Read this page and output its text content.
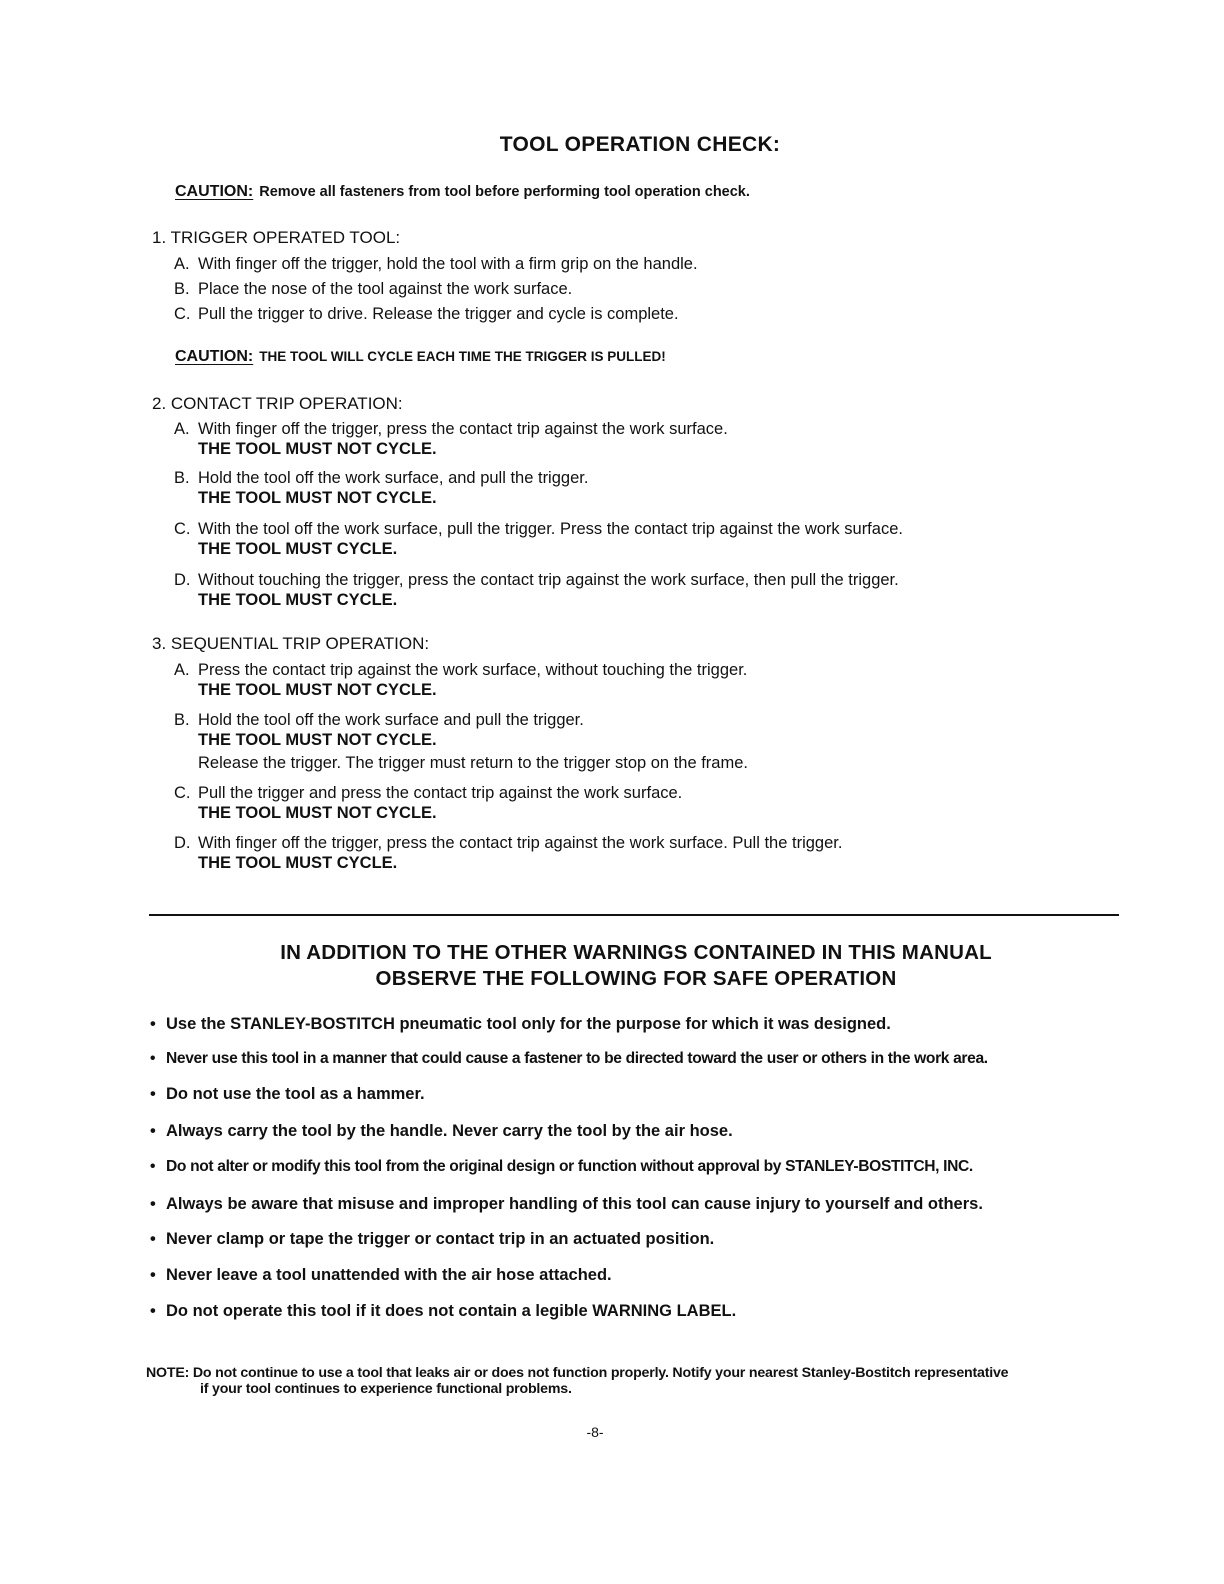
TOOL OPERATION CHECK:
CAUTION: Remove all fasteners from tool before performing tool operation check.
1. TRIGGER OPERATED TOOL:
A. With finger off the trigger, hold the tool with a firm grip on the handle.
B. Place the nose of the tool against the work surface.
C. Pull the trigger to drive. Release the trigger and cycle is complete.
CAUTION: THE TOOL WILL CYCLE EACH TIME THE TRIGGER IS PULLED!
2. CONTACT TRIP OPERATION:
A. With finger off the trigger, press the contact trip against the work surface.
THE TOOL MUST NOT CYCLE.
B. Hold the tool off the work surface, and pull the trigger.
THE TOOL MUST NOT CYCLE.
C. With the tool off the work surface, pull the trigger. Press the contact trip against the work surface.
THE TOOL MUST CYCLE.
D. Without touching the trigger, press the contact trip against the work surface, then pull the trigger.
THE TOOL MUST CYCLE.
3. SEQUENTIAL TRIP OPERATION:
A. Press the contact trip against the work surface, without touching the trigger.
THE TOOL MUST NOT CYCLE.
B. Hold the tool off the work surface and pull the trigger.
THE TOOL MUST NOT CYCLE.
Release the trigger. The trigger must return to the trigger stop on the frame.
C. Pull the trigger and press the contact trip against the work surface.
THE TOOL MUST NOT CYCLE.
D. With finger off the trigger, press the contact trip against the work surface. Pull the trigger.
THE TOOL MUST CYCLE.
IN ADDITION TO THE OTHER WARNINGS CONTAINED IN THIS MANUAL
OBSERVE THE FOLLOWING FOR SAFE OPERATION
• Use the STANLEY-BOSTITCH pneumatic tool only for the purpose for which it was designed.
• Never use this tool in a manner that could cause a fastener to be directed toward the user or others in the work area.
• Do not use the tool as a hammer.
• Always carry the tool by the handle. Never carry the tool by the air hose.
• Do not alter or modify this tool from the original design or function without approval by STANLEY-BOSTITCH, INC.
• Always be aware that misuse and improper handling of this tool can cause injury to yourself and others.
• Never clamp or tape the trigger or contact trip in an actuated position.
• Never leave a tool unattended with the air hose attached.
• Do not operate this tool if it does not contain a legible WARNING LABEL.
NOTE: Do not continue to use a tool that leaks air or does not function properly. Notify your nearest Stanley-Bostitch representative
if your tool continues to experience functional problems.
-8-
